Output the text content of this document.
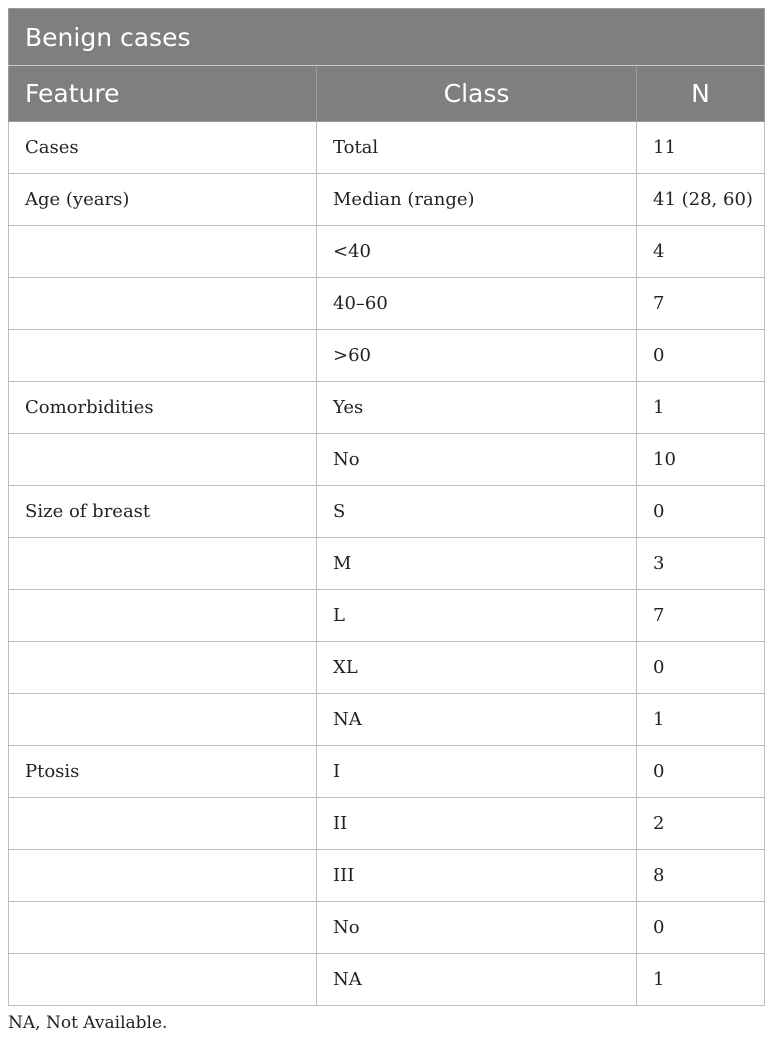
Benign cases		
Feature	Class	N
Cases	Total	11
Age (years)	Median (range)	41 (28, 60)
	<40	4
	40–60	7
	>60	0
Comorbidities	Yes	1
	No	10
Size of breast	S	0
	M	3
	L	7
	XL	0
	NA	1
Ptosis	I	0
	II	2
	III	8
	No	0
	NA	1
NA, Not Available.
